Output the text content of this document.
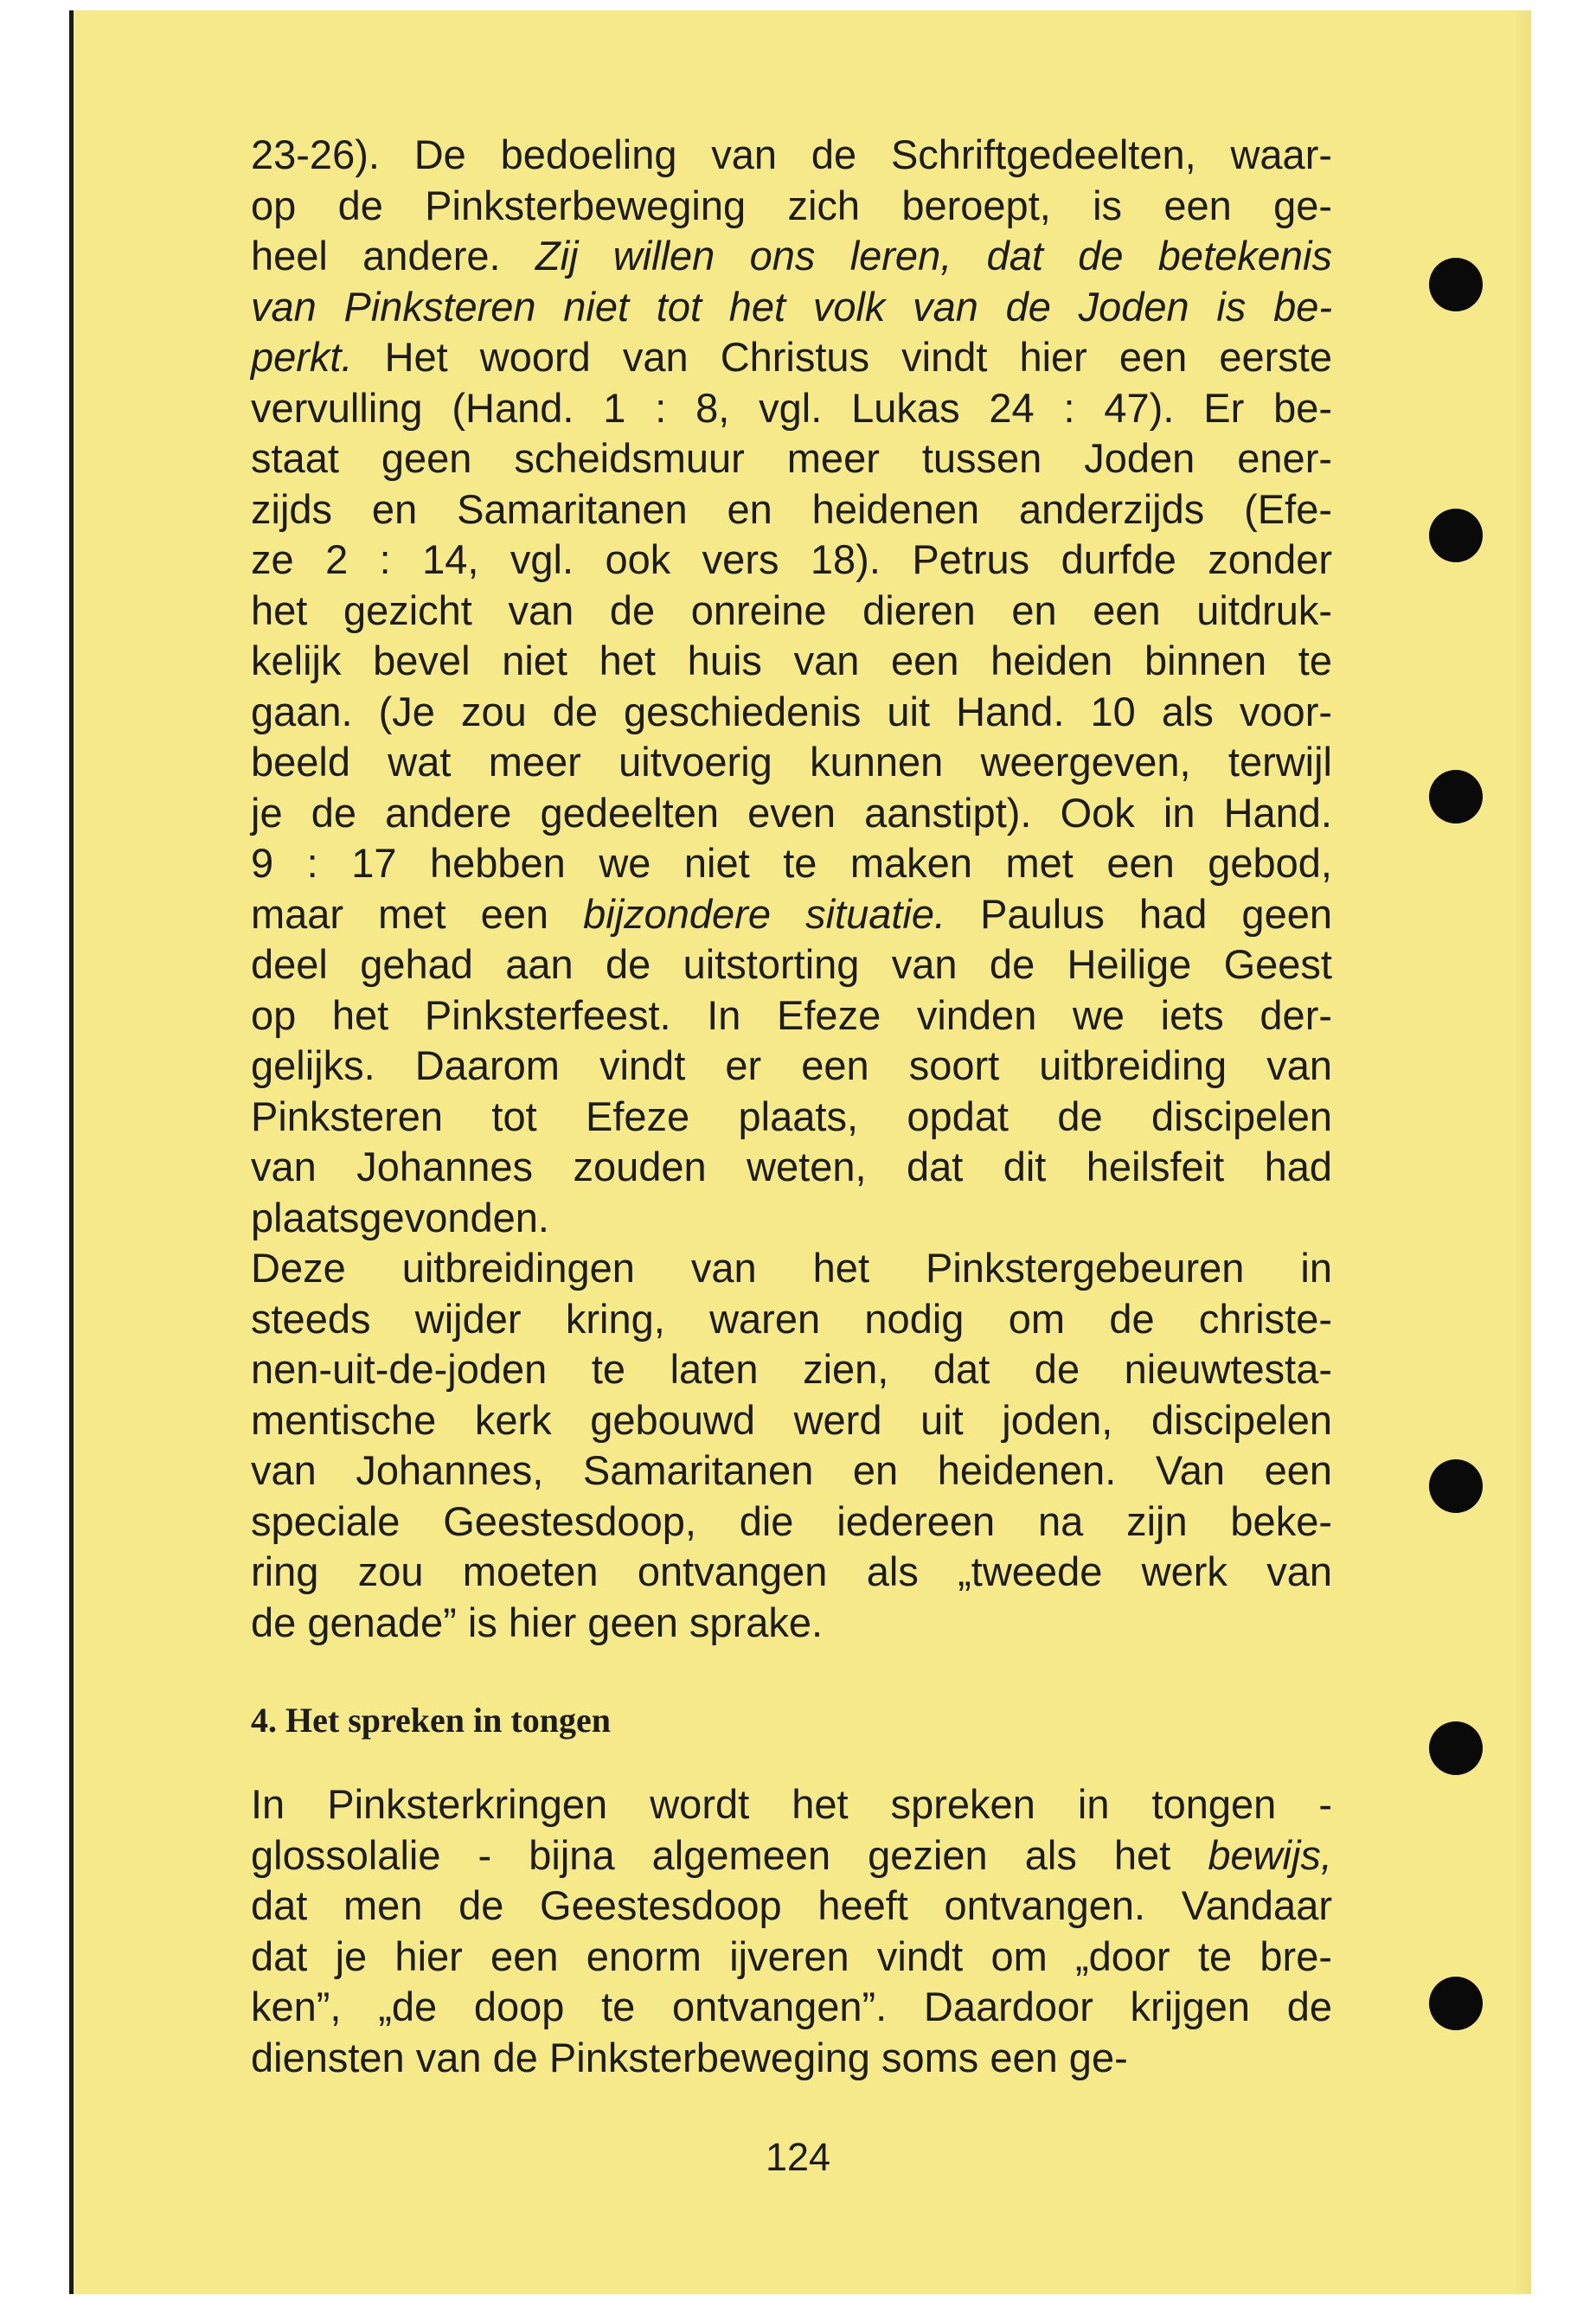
23-26). De bedoeling van de Schriftgedeelten, waar-
op de Pinksterbeweging zich beroept, is een ge-
heel andere. Zij willen ons leren, dat de betekenis
van Pinksteren niet tot het volk van de Joden is be-
perkt. Het woord van Christus vindt hier een eerste
vervulling (Hand. 1 : 8, vgl. Lukas 24 : 47). Er be-
staat geen scheidsmuur meer tussen Joden ener-
zijds en Samaritanen en heidenen anderzijds (Efe-
ze 2 : 14, vgl. ook vers 18). Petrus durfde zonder
het gezicht van de onreine dieren en een uitdruk-
kelijk bevel niet het huis van een heiden binnen te
gaan. (Je zou de geschiedenis uit Hand. 10 als voor-
beeld wat meer uitvoerig kunnen weergeven, terwijl
je de andere gedeelten even aanstipt). Ook in Hand.
9 : 17 hebben we niet te maken met een gebod,
maar met een bijzondere situatie. Paulus had geen
deel gehad aan de uitstorting van de Heilige Geest
op het Pinksterfeest. In Efeze vinden we iets der-
gelijks. Daarom vindt er een soort uitbreiding van
Pinksteren tot Efeze plaats, opdat de discipelen
van Johannes zouden weten, dat dit heilsfeit had
plaatsgevonden.
Deze uitbreidingen van het Pinkstergebeuren in
steeds wijder kring, waren nodig om de christe-
nen-uit-de-joden te laten zien, dat de nieuwtesta-
mentische kerk gebouwd werd uit joden, discipelen
van Johannes, Samaritanen en heidenen. Van een
speciale Geestesdoop, die iedereen na zijn beke-
ring zou moeten ontvangen als „tweede werk van
de genade” is hier geen sprake.
4. Het spreken in tongen
In Pinksterkringen wordt het spreken in tongen -
glossolalie - bijna algemeen gezien als het bewijs,
dat men de Geestesdoop heeft ontvangen. Vandaar
dat je hier een enorm ijveren vindt om „door te bre-
ken”, „de doop te ontvangen”. Daardoor krijgen de
diensten van de Pinksterbeweging soms een ge-
124
